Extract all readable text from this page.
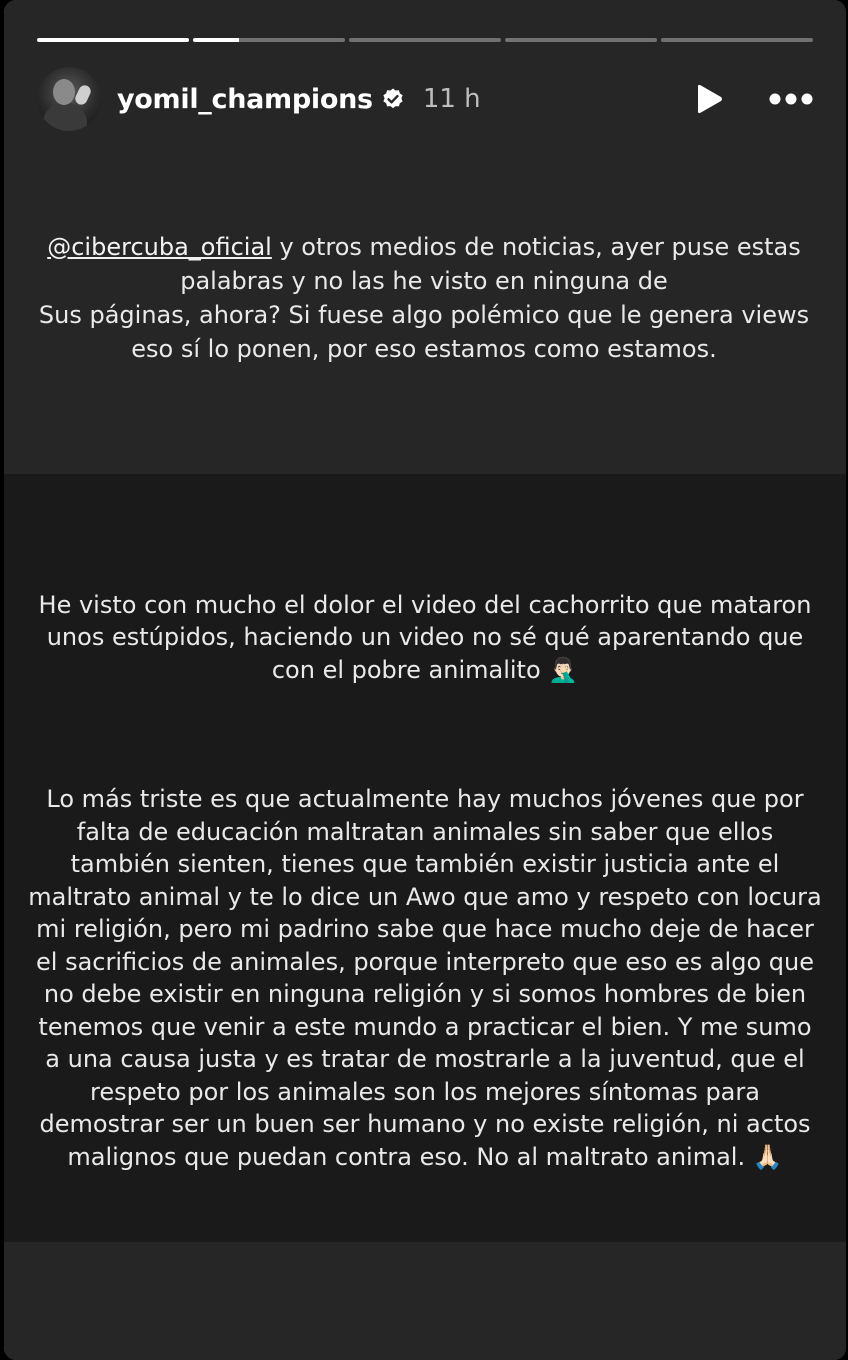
yomil_champions 11 h
@cibercuba_oficial y otros medios de noticias, ayer puse estas palabras y no las he visto en ninguna de
Sus páginas, ahora? Si fuese algo polémico que le genera views eso sí lo ponen, por eso estamos como estamos.

He visto con mucho el dolor el video del cachorrito que mataron unos estúpidos, haciendo un video no sé qué aparentando que con el pobre animalito 🤦🏻‍♂️

Lo más triste es que actualmente hay muchos jóvenes que por falta de educación maltratan animales sin saber que ellos también sienten, tienes que también existir justicia ante el maltrato animal y te lo dice un Awo que amo y respeto con locura mi religión, pero mi padrino sabe que hace mucho deje de hacer el sacrificios de animales, porque interpreto que eso es algo que no debe existir en ninguna religión y si somos hombres de bien tenemos que venir a este mundo a practicar el bien. Y me sumo a una causa justa y es tratar de mostrarle a la juventud, que el respeto por los animales son los mejores síntomas para demostrar ser un buen ser humano y no existe religión, ni actos malignos que puedan contra eso. No al maltrato animal. 🙏🏻
